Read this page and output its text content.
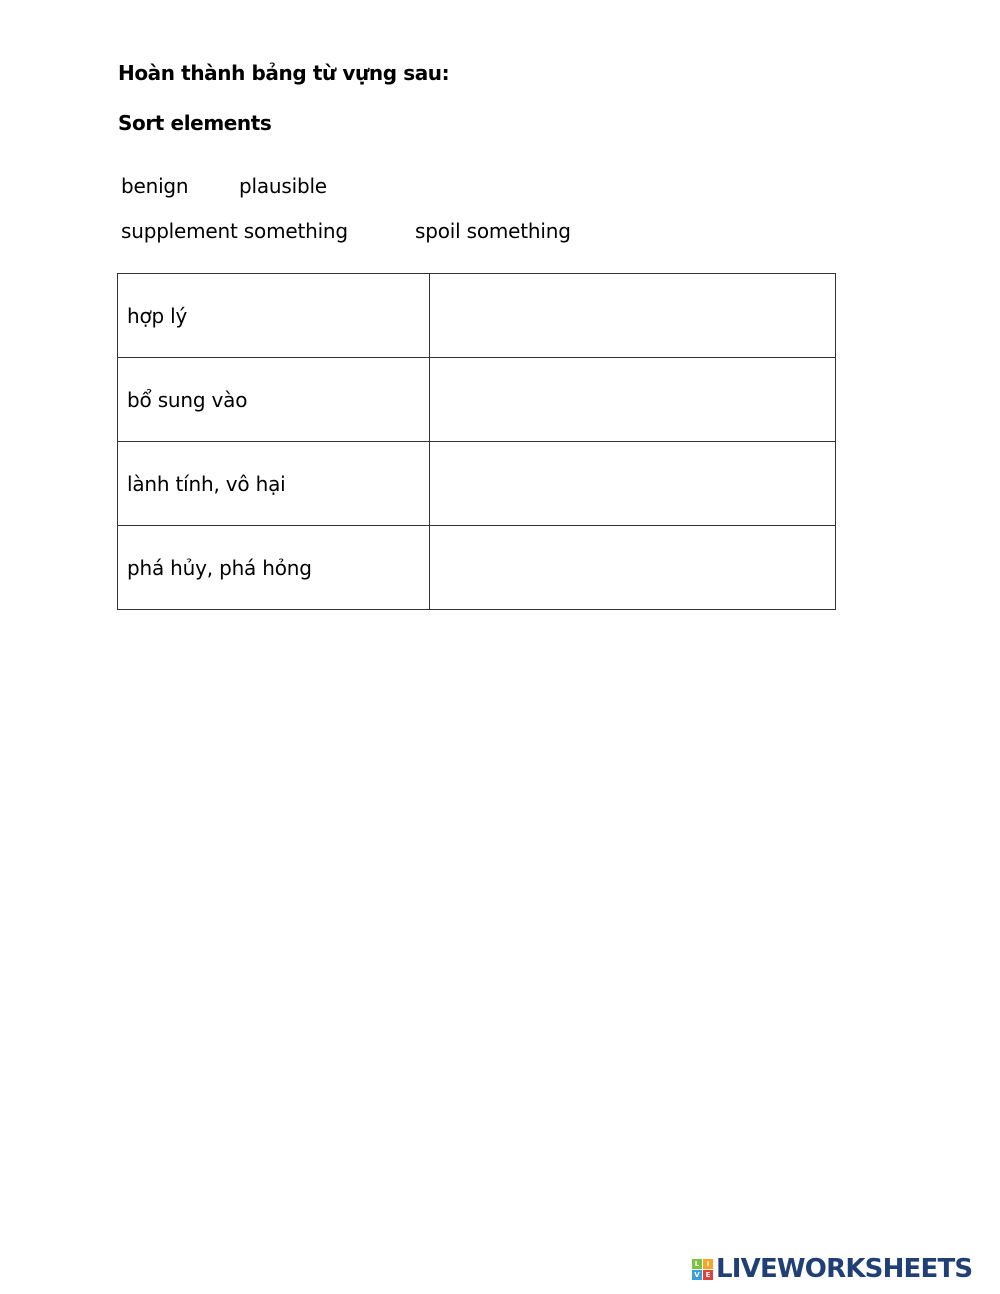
Hoàn thành bảng từ vựng sau:
Sort elements
benign	plausible
supplement something	spoil something
hợp lý	
bổ sung vào	
lành tính, vô hại	
phá hủy, phá hỏng	
L	I
V E LIVEWORKSHEETS
